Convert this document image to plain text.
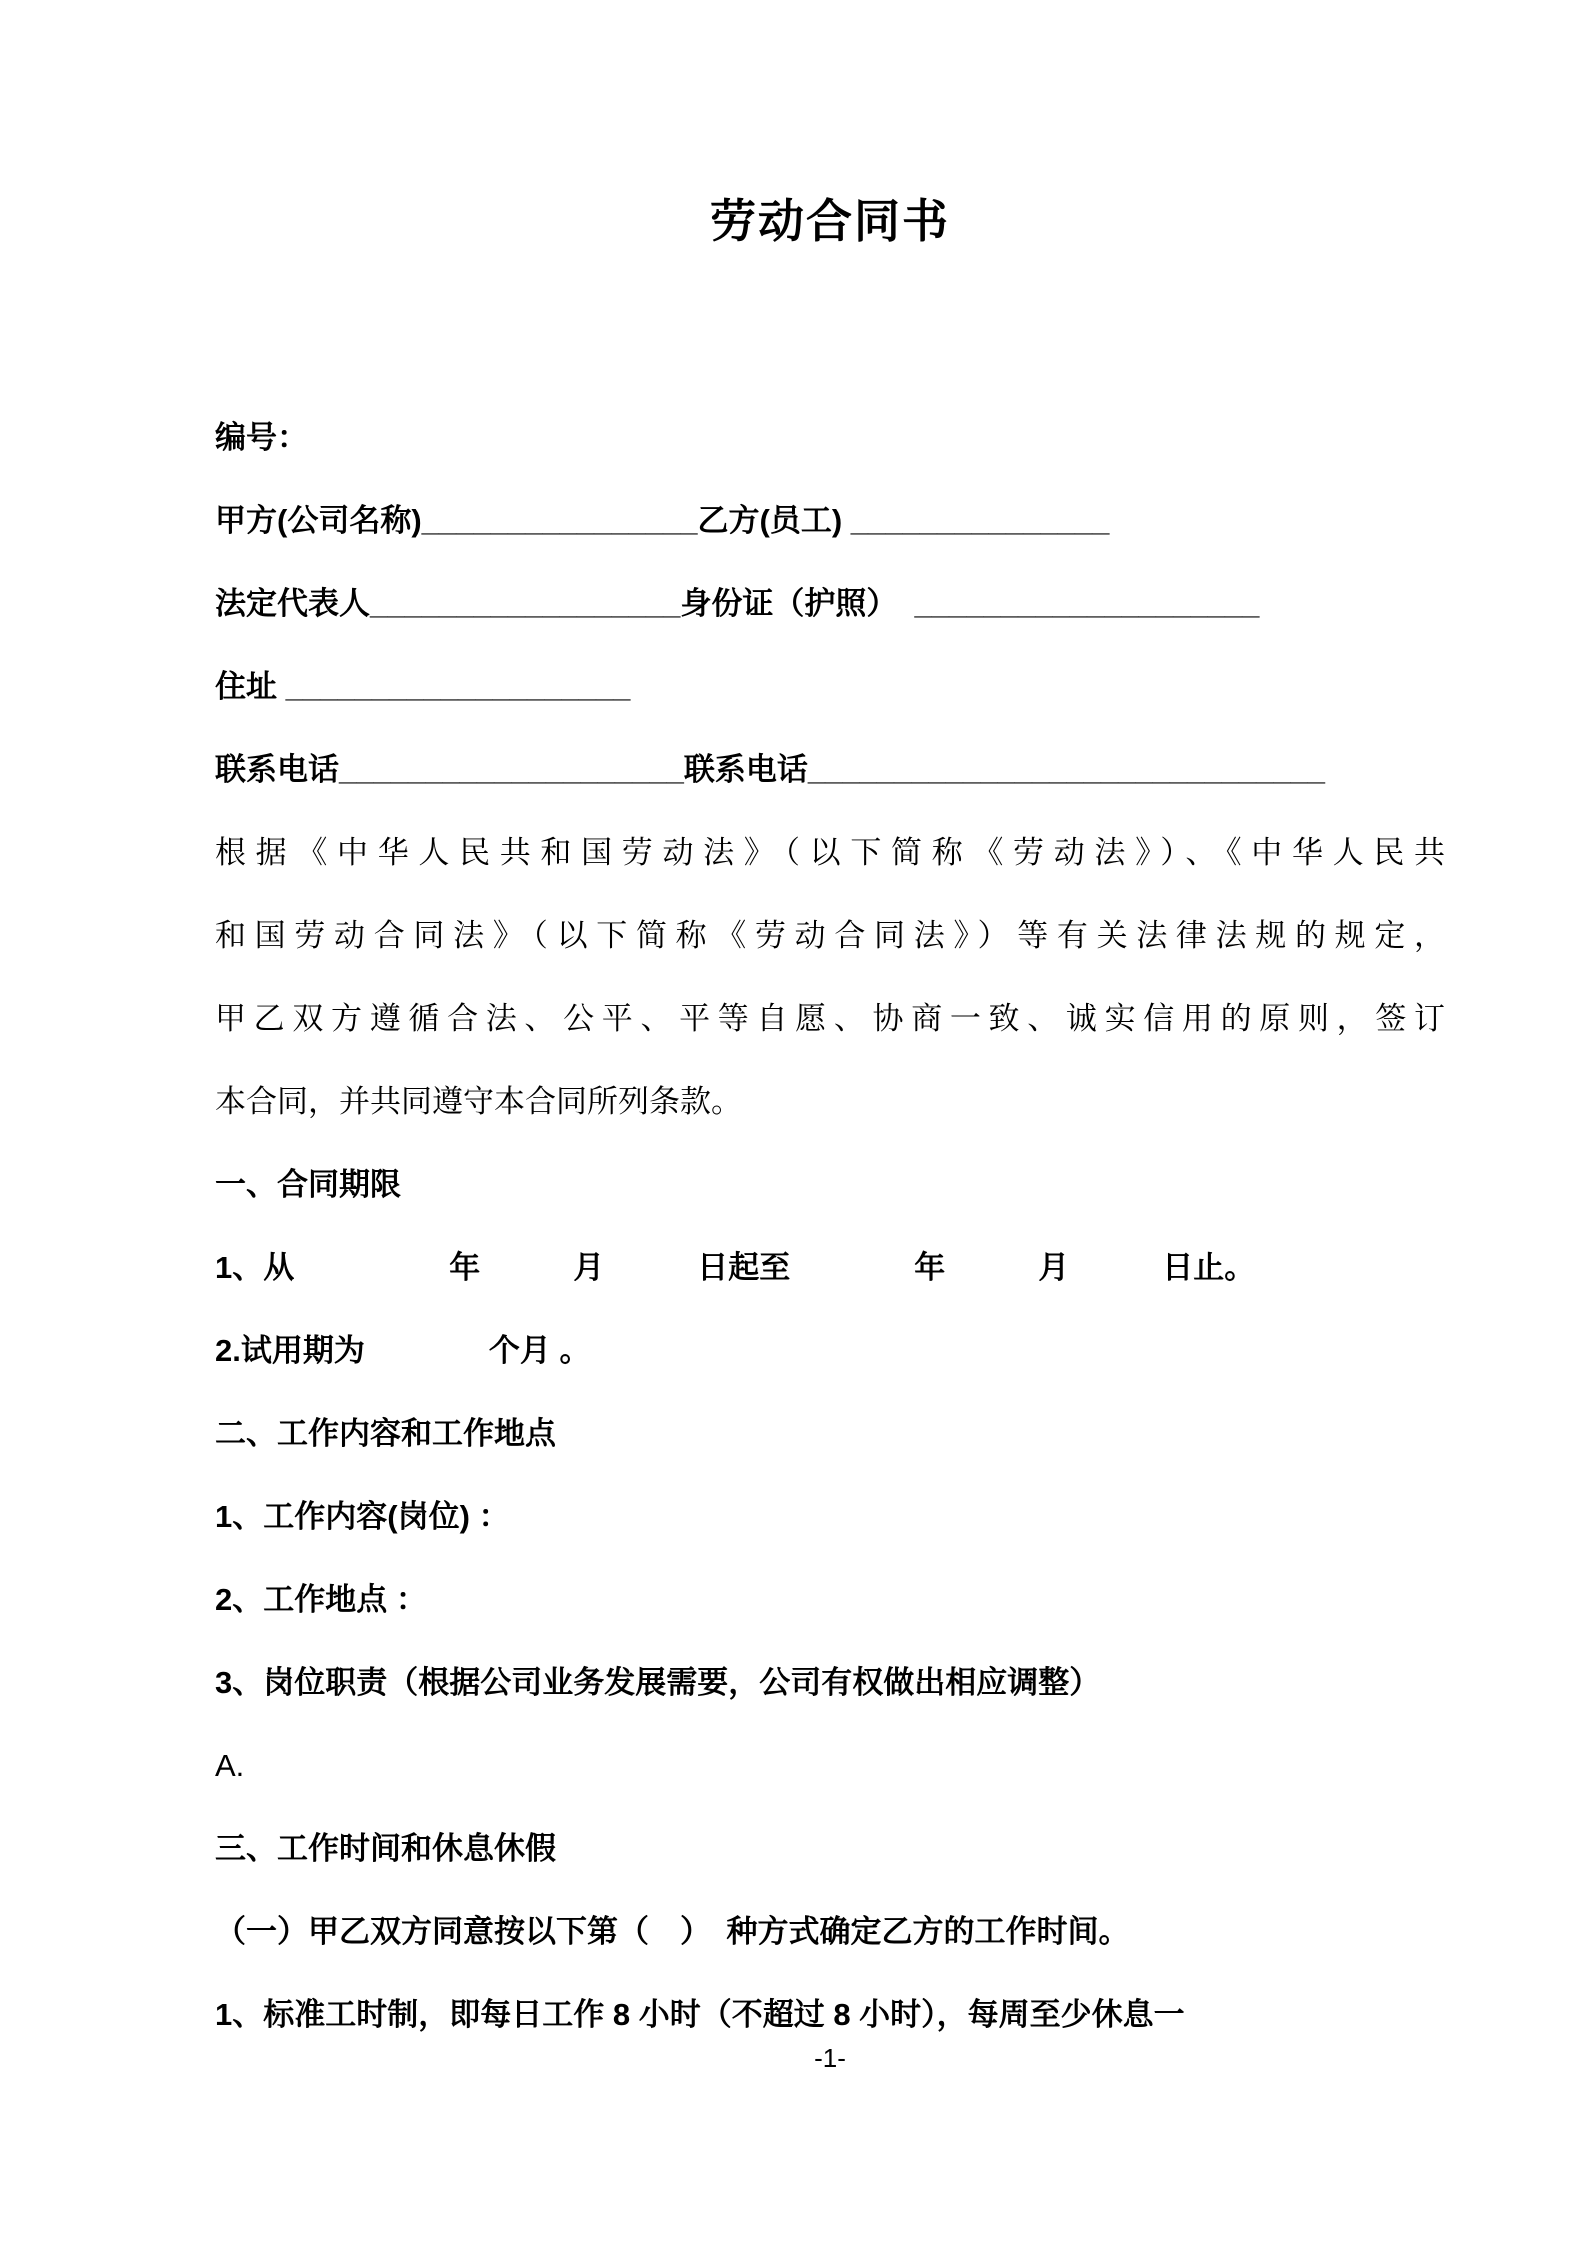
劳动合同书
编号：
甲方(公司名称)________________乙方(员工) _______________
法定代表人__________________身份证（护照）  ____________________
住址 ____________________
联系电话____________________联系电话______________________________
根据《中华人民共和国劳动法》（以下简称《劳动法》）、《中华人民共
和国劳动合同法》（以下简称《劳动合同法》）等有关法律法规的规定，
甲乙双方遵循合法、公平、平等自愿、协商一致、诚实信用的原则，签订
本合同，并共同遵守本合同所列条款。
一、合同期限
1、从　　　　　年　　　月　　　日起至　　　　年　　　月　　　日止。
2.试用期为　　　　个月 。
二、工作内容和工作地点
1、工作内容(岗位) ：
2、工作地点 ：
3、岗位职责（根据公司业务发展需要，公司有权做出相应调整）
A.
三、工作时间和休息休假
（一）甲乙双方同意按以下第（　）　种方式确定乙方的工作时间。
1、标准工时制，即每日工作 8 小时（不超过 8 小时），每周至少休息一
-1-
